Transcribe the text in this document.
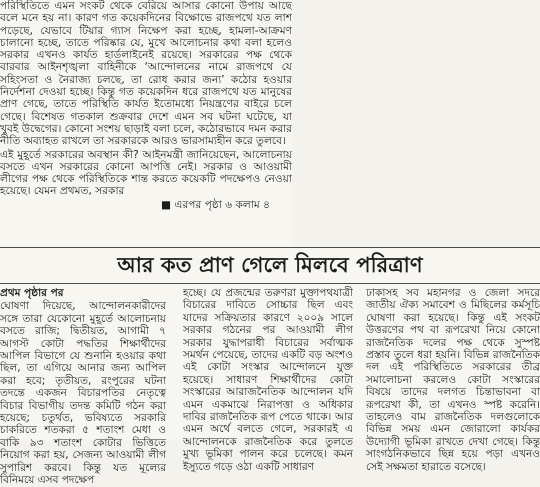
পরিস্থিতিতে এমন সংকট থেকে বেরিয়ে আসার কোনো উপায় আছে বলে মনে হয় না। কারণ গত কয়েকদিনের বিক্ষোভে রাজপথে যত লাশ পড়েছে, যেভাবে টিয়ার গ্যাস নিক্ষেপ করা হচ্ছে, হামলা-আক্রমণ চালানো হচ্ছে, তাতে পরিষ্কার যে, মুখে আলোচনার কথা বলা হলেও সরকার এখনও কার্যত হার্ডলাইনেই রয়েছে। সরকারের পক্ষ থেকে বারবার আইনশৃঙ্খলা বাহিনীকে ‘আন্দোলনের নামে রাজপথে যে সহিংসতা ও নৈরাজ্য চলছে, তা রোধ করার জন্য’ কঠোর হওয়ার নির্দেশনা দেওয়া হচ্ছে। কিন্তু গত কয়েকদিন ধরে রাজপথে যত মানুষের প্রাণ গেছে, তাতে পরিস্থিতি কার্যত ইতোমধ্যে নিয়ন্ত্রণের বাইরে চলে গেছে। বিশেষত গতকাল শুক্রবার দেশে এমন সব ঘটনা ঘটেছে, যা খুবই উদ্বেগের। কোনো সংশয় ছাড়াই বলা চলে, কঠোরভাবে দমন করার নীতি অব্যাহত রাখলে তা সরকারকে আরও ভারসাম্যহীন করে তুলবে।

এই মুহূর্তে সরকারের অবস্থান কী? আইনমন্ত্রী জানিয়েছেন, আলোচনায় বসতে এখন সরকারের কোনো আপত্তি নেই। সরকার ও আওয়ামী লীগের পক্ষ থেকে পরিস্থিতিকে শান্ত করতে কয়েকটি পদক্ষেপও নেওয়া হয়েছে। যেমন প্রথমত, সরকার

■ এরপর পৃষ্ঠা ৬ কলাম ৪
আর কত প্রাণ গেলে মিলবে পরিত্রাণ
প্রথম পৃষ্ঠার পর

ঘোষণা দিয়েছে, আন্দোলনকারীদের সঙ্গে তারা যেকোনো মুহূর্তে আলোচনায় বসতে রাজি; দ্বিতীয়ত, আগামী ৭ আগস্ট কোটা পদ্ধতির শিক্ষার্থীদের আপিল বিভাগে যে শুনানি হওয়ার কথা ছিল, তা এগিয়ে আনার জন্য আপিল করা হবে; তৃতীয়ত, রংপুরের ঘটনা তদন্তে একজন বিচারপতির নেতৃত্বে বিচার বিভাগীয় তদন্ত কমিটি গঠন করা হয়েছে; চতুর্থত, ভবিষ্যতে সরকারি চাকরিতে শতকরা ৫ শতাংশ মেধা ও বাকি ৯৩ শতাংশ কোটার ভিত্তিতে নিয়োগ করা হয়, সেজন্য আওয়ামী লীগ সুপারিশ করবে। কিন্তু যত মূল্যের বিনিময়ে এসব পদক্ষেপ

হচ্ছে। যে প্রজন্মের তরুণরা মুক্তাপথযাত্রী বিচারের দাবিতে সোচ্চার ছিল এবং যাদের সক্রিয়তার কারণে ২০০৯ সালে সরকার গঠনের পর আওয়ামী লীগ সরকার যুদ্ধাপরাধী বিচারের সর্বাত্মক সমর্থন পেয়েছে, তাদের একটি বড় অংশও এই কোটা সংস্কার আন্দোলনে যুক্ত হয়েছে। সাধারণ শিক্ষার্থীদের কোটা সংস্কারের আরাজনৈতিক আন্দোলন যদি এমন একমাঝে নিরাপত্তা ও অধিকার দাবির রাজনৈতিক রূপ পেতে থাকে। আর এমন অর্থে বলতে গেলে, সরকারই এ আন্দোলনকে রাজনৈতিক করে তুলতে মুখ্য ভূমিকা পালন করে চলেছে। কমন ইস্যুতে গড়ে ওঠা একটি সাধারণ

ঢাকাসহ সব মহানগর ও জেলা সদরে জাতীয় ঐক্য সমাবেশ ও মিছিলের কর্মসূচি ঘোষণা করা হয়েছে। কিন্তু এই সংকট উত্তরণের পথ বা রূপরেখা নিয়ে কোনো রাজনৈতিক দলের পক্ষ থেকে সুস্পষ্ট প্রস্তাব তুলে ধরা হয়নি। বিভিন্ন রাজনৈতিক দল এই পরিস্থিতিতে সরকারের তীব্র সমালোচনা করলেও কোটা সংস্কারের বিষয়ে তাদের দলগত চিন্তাভাবনা বা রূপরেখা কী, তা এখনও স্পষ্ট করেনি। তাহলেও বাম রাজনৈতিক দলগুলোকে বিভিন্ন সময় এমন জোরালো কার্যকর উদ্যোগী ভূমিকা রাখতে দেখা গেছে। কিন্তু সাংগঠনিকভাবে ছিন্ন হয়ে পড়া এখনও সেই সক্ষমতা হারাতে বসেছে।
